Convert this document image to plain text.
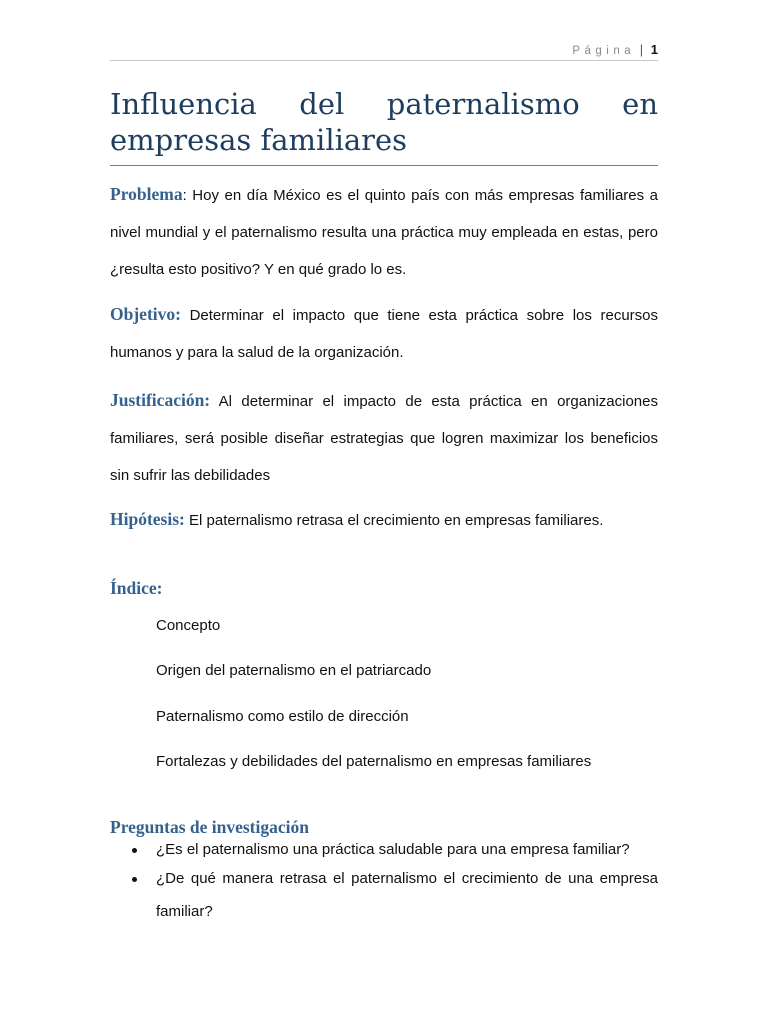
Página | 1
Influencia del paternalismo en empresas familiares

Problema: Hoy en día México es el quinto país con más empresas familiares a nivel mundial y el paternalismo resulta una práctica muy empleada en estas, pero ¿resulta esto positivo? Y en qué grado lo es.

Objetivo: Determinar el impacto que tiene esta práctica sobre los recursos humanos y para la salud de la organización.

Justificación: Al determinar el impacto de esta práctica en organizaciones familiares, será posible diseñar estrategias que logren maximizar los beneficios sin sufrir las debilidades

Hipótesis: El paternalismo retrasa el crecimiento en empresas familiares.

Índice:

Concepto

Origen del paternalismo en el patriarcado

Paternalismo como estilo de dirección

Fortalezas y debilidades del paternalismo en empresas familiares

Preguntas de investigación
¿Es el paternalismo una práctica saludable para una empresa familiar?
¿De qué manera retrasa el paternalismo el crecimiento de una empresa familiar?
